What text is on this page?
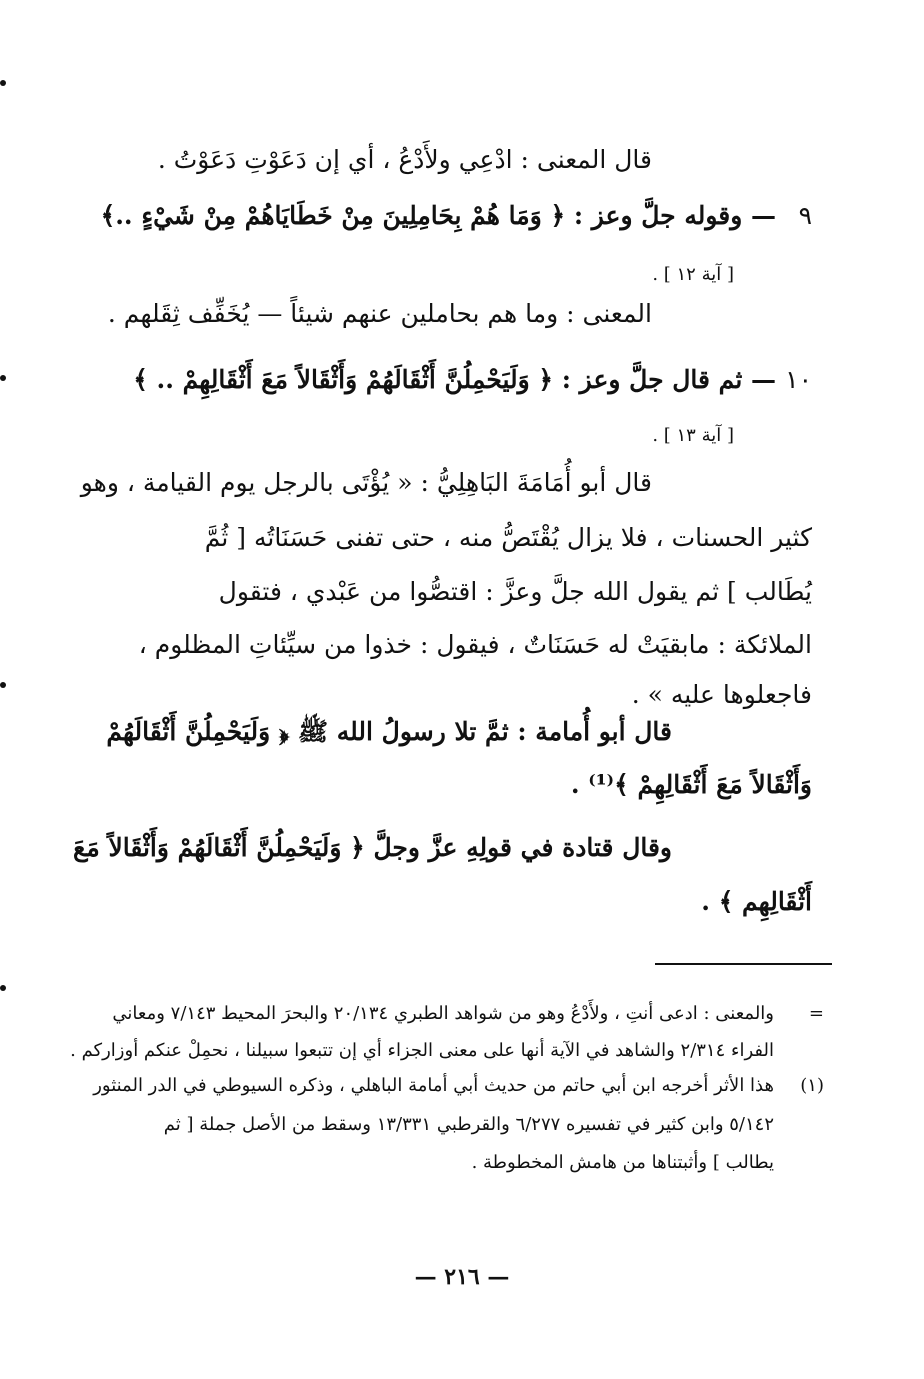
قال المعنى : ادْعِي ولأَدْعُ ، أي إن دَعَوْتِ دَعَوْتُ .
٩
— وقوله جلَّ وعز : ﴿ وَمَا هُمْ بِحَامِلِينَ مِنْ خَطَايَاهُمْ مِنْ شَيْءٍ ..﴾
[ آية ١٢ ] .
المعنى : وما هم بحاملين عنهم شيئاً — يُخَفِّف ثِقَلهم .
١٠
— ثم قال جلَّ وعز : ﴿ وَلَيَحْمِلُنَّ أَثْقَالَهُمْ وَأَثْقَالاً مَعَ أَثْقَالِهِمْ .. ﴾
[ آية ١٣ ] .
قال أبو أُمَامَةَ البَاهِلِيُّ : « يُؤْتَى بالرجل يوم القيامة ، وهو
كثير الحسنات ، فلا يزال يُقْتَصُّ منه ، حتى تفنى حَسَنَاتُه [ ثُمَّ
يُطَالب ] ثم يقول الله جلَّ وعزَّ : اقتصُّوا من عَبْدي ، فتقول
الملائكة : مابقيَتْ له حَسَنَاتٌ ، فيقول : خذوا من سيِّئاتِ المظلوم ،
فاجعلوها عليه » .
قال أبو أُمامة : ثمَّ تلا رسولُ الله ﷺ ﴿ وَلَيَحْمِلُنَّ أَثْقَالَهُمْ
وَأَثْقَالاً مَعَ أَثْقَالِهِمْ ﴾⁽¹⁾ .
وقال قتادة في قولِهِ عزَّ وجلَّ ﴿ وَلَيَحْمِلُنَّ أَثْقَالَهُمْ وَأَثْقَالاً مَعَ
أَثْقَالِهِم ﴾ .
=
والمعنى : ادعى أنتِ ، ولأَدْعُ وهو من شواهد الطبري ٢٠/١٣٤ والبحرَ المحيط ٧/١٤٣ ومعاني
الفراء ٢/٣١٤ والشاهد في الآية أنها على معنى الجزاء أي إن تتبعوا سبيلنا ، نحمِلْ عنكم أوزاركم .
(١)
هذا الأثر أخرجه ابن أبي حاتم من حديث أبي أمامة الباهلي ، وذكره السيوطي في الدر المنثور
٥/١٤٢ وابن كثير في تفسيره ٦/٢٧٧ والقرطبي ١٣/٣٣١ وسقط من الأصل جملة [ ثم
يطالب ] وأثبتناها من هامش المخطوطة .
— ٢١٦ —
